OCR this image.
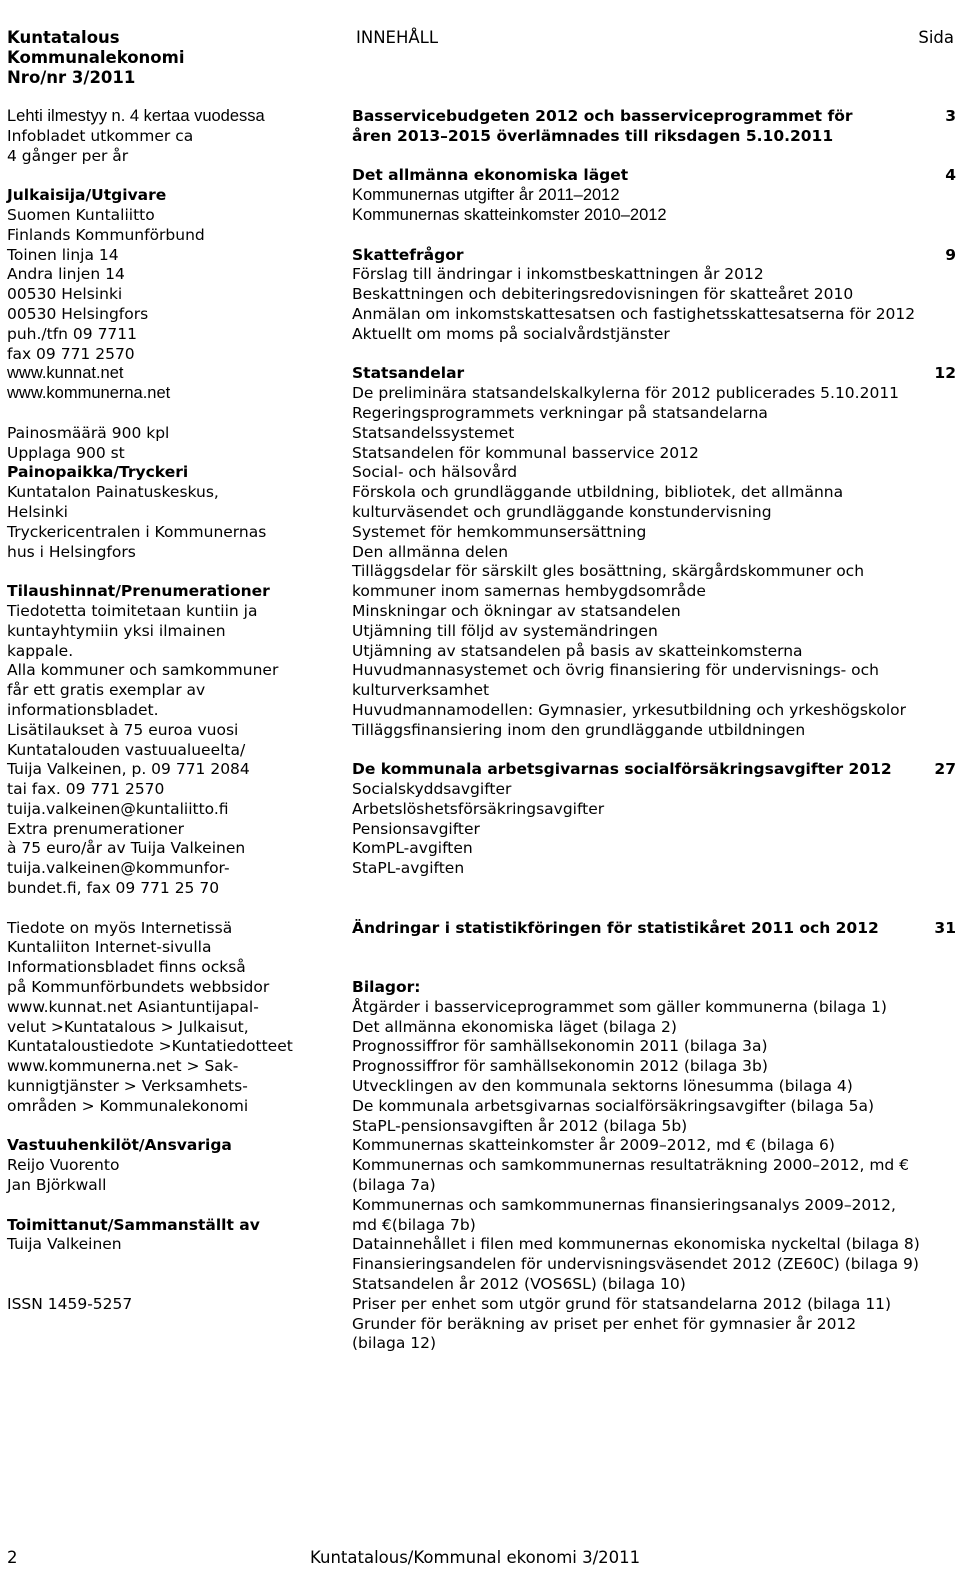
Kuntatalous
Kommunalekonomi
Nro/nr 3/2011
INNEHÅLL	Sida
Lehti ilmestyy n. 4 kertaa vuodessa
Infobladet utkommer ca
4 gånger per år
Julkaisija/Utgivare
Suomen Kuntaliitto
Finlands Kommunförbund
Toinen linja 14
Andra linjen 14
00530 Helsinki
00530 Helsingfors
puh./tfn 09 7711
fax 09 771 2570
www.kunnat.net
www.kommunerna.net
Painosmäärä 900 kpl
Upplaga 900 st
Painopaikka/Tryckeri
Kuntatalon Painatuskeskus,
Helsinki
Tryckericentralen i Kommunernas
hus i Helsingfors
Tilaushinnat/Prenumerationer
Tiedotetta toimitetaan kuntiin ja
kuntayhtymiin yksi ilmainen
kappale.
Alla kommuner och samkommuner
får ett gratis exemplar av
informationsbladet.
Lisätilaukset à 75 euroa vuosi
Kuntatalouden vastuualueelta/
Tuija Valkeinen, p. 09 771 2084
tai fax. 09 771 2570
tuija.valkeinen@kuntaliitto.fi
Extra prenumerationer
à 75 euro/år av Tuija Valkeinen
tuija.valkeinen@kommunfor-
bundet.fi, fax 09 771 25 70
Tiedote on myös Internetissä
Kuntaliiton Internet-sivulla
Informationsbladet finns också
på Kommunförbundets webbsidor
www.kunnat.net Asiantuntijapal-
velut >Kuntatalous > Julkaisut,
Kuntataloustiedote >Kuntatiedotteet
www.kommunerna.net > Sak-
kunnigtjänster > Verksamhets-
områden > Kommunalekonomi
Vastuuhenkilöt/Ansvariga
Reijo Vuorento
Jan Björkwall
Toimittanut/Sammanställt av
Tuija Valkeinen
ISSN 1459-5257
Basservicebudgeten 2012 och basserviceprogrammet för	3
åren 2013–2015 överlämnades till riksdagen 5.10.2011
Det allmänna ekonomiska läget	4
Kommunernas utgifter år 2011–2012
Kommunernas skatteinkomster 2010–2012
Skattefrågor	9
Förslag till ändringar i inkomstbeskattningen år 2012
Beskattningen och debiteringsredovisningen för skatteåret 2010
Anmälan om inkomstskattesatsen och fastighetsskattesatserna för 2012
Aktuellt om moms på socialvårdstjänster
Statsandelar	12
De preliminära statsandelskalkylerna för 2012 publicerades 5.10.2011
Regeringsprogrammets verkningar på statsandelarna
Statsandelssystemet
Statsandelen för kommunal basservice 2012
Social- och hälsovård
Förskola och grundläggande utbildning, bibliotek, det allmänna
kulturväsendet och grundläggande konstundervisning
Systemet för hemkommunsersättning
Den allmänna delen
Tilläggsdelar för särskilt gles bosättning, skärgårdskommuner och
kommuner inom samernas hembygdsområde
Minskningar och ökningar av statsandelen
Utjämning till följd av systemändringen
Utjämning av statsandelen på basis av skatteinkomsterna
Huvudmannasystemet och övrig finansiering för undervisnings- och
kulturverksamhet
Huvudmannamodellen: Gymnasier, yrkesutbildning och yrkeshögskolor
Tilläggsfinansiering inom den grundläggande utbildningen
De kommunala arbetsgivarnas socialförsäkringsavgifter 2012	27
Socialskyddsavgifter
Arbetslöshetsförsäkringsavgifter
Pensionsavgifter
KomPL-avgiften
StaPL-avgiften
Ändringar i statistikföringen för statistikåret 2011 och 2012	31
Bilagor:
Åtgärder i basserviceprogrammet som gäller kommunerna (bilaga 1)
Det allmänna ekonomiska läget (bilaga 2)
Prognossiffror för samhällsekonomin 2011 (bilaga 3a)
Prognossiffror för samhällsekonomin 2012 (bilaga 3b)
Utvecklingen av den kommunala sektorns lönesumma (bilaga 4)
De kommunala arbetsgivarnas socialförsäkringsavgifter (bilaga 5a)
StaPL-pensionsavgiften år 2012 (bilaga 5b)
Kommunernas skatteinkomster år 2009–2012, md € (bilaga 6)
Kommunernas och samkommunernas resultaträkning 2000–2012, md €
(bilaga 7a)
Kommunernas och samkommunernas finansieringsanalys 2009–2012,
md €(bilaga 7b)
Datainnehållet i filen med kommunernas ekonomiska nyckeltal (bilaga 8)
Finansieringsandelen för undervisningsväsendet 2012 (ZE60C) (bilaga 9)
Statsandelen år 2012 (VOS6SL) (bilaga 10)
Priser per enhet som utgör grund för statsandelarna 2012 (bilaga 11)
Grunder för beräkning av priset per enhet för gymnasier år 2012
(bilaga 12)
2	Kuntatalous/Kommunal ekonomi 3/2011
